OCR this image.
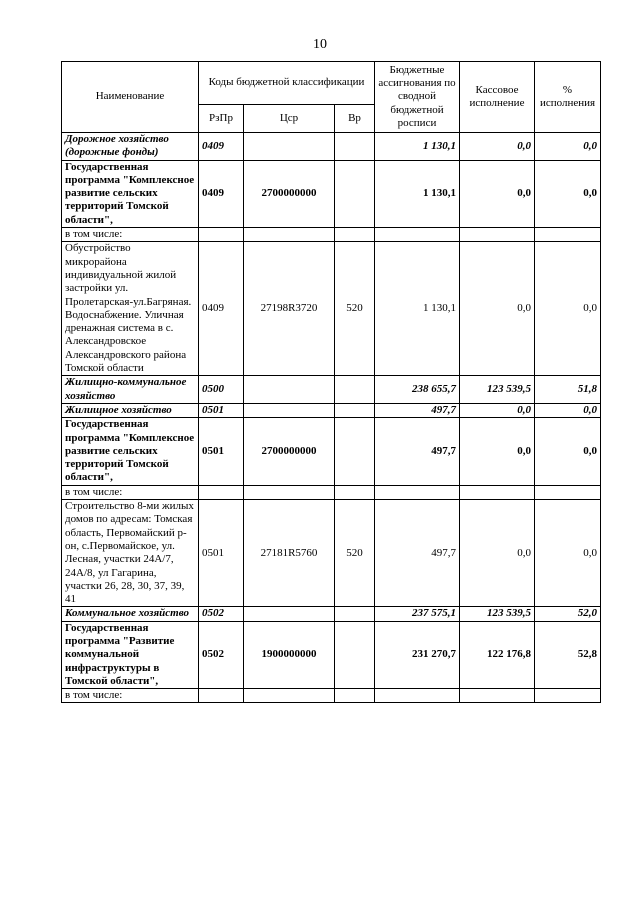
10
Наименование	Коды бюджетной классификации			Бюджетные ассигнования по сводной бюджетной росписи	Кассовое исполнение	% исполнения
	РзПр	Цср	Вр			
Дорожное хозяйство (дорожные фонды)	0409			1 130,1	0,0	0,0
Государственная программа "Комплексное развитие сельских территорий Томской области",	0409	2700000000		1 130,1	0,0	0,0
в том числе:						
Обустройство микрорайона индивидуальной жилой застройки ул. Пролетарская-ул.Багряная. Водоснабжение. Уличная дренажная система в с. Александровское Александровского района Томской области	0409	27198R3720	520	1 130,1	0,0	0,0
Жилищно-коммунальное хозяйство	0500			238 655,7	123 539,5	51,8
Жилищное хозяйство	0501			497,7	0,0	0,0
Государственная программа "Комплексное развитие сельских территорий Томской области",	0501	2700000000		497,7	0,0	0,0
в том числе:						
Строительство 8-ми жилых домов по адресам: Томская область, Первомайский р-он, с.Первомайское, ул. Лесная, участки 24А/7, 24А/8, ул Гагарина, участки 26, 28, 30, 37, 39, 41	0501	27181R5760	520	497,7	0,0	0,0
Коммунальное хозяйство	0502			237 575,1	123 539,5	52,0
Государственная программа "Развитие коммунальной инфраструктуры в Томской области",	0502	1900000000		231 270,7	122 176,8	52,8
в том числе:						
